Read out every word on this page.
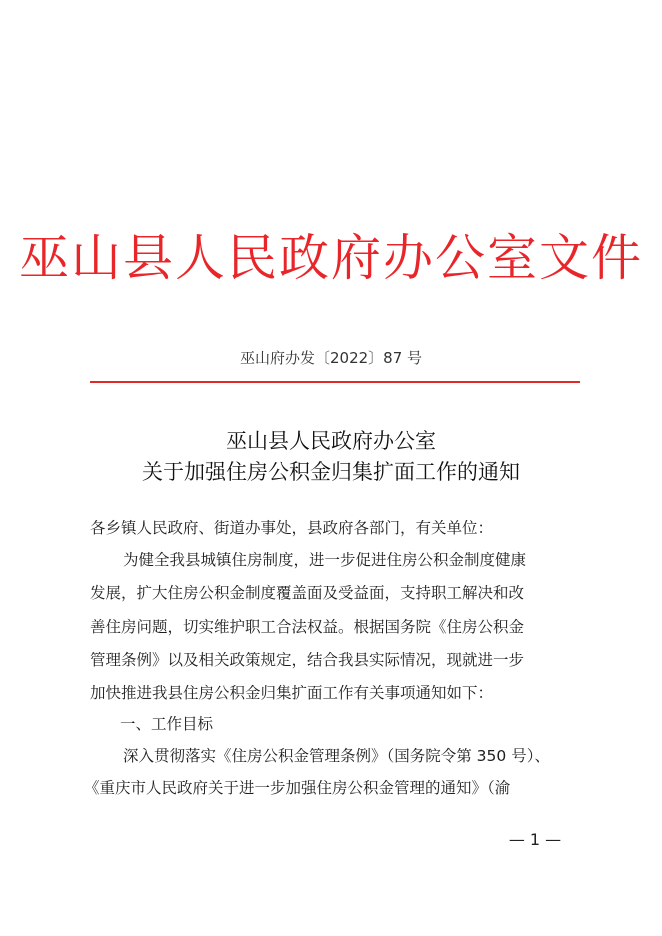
巫山县人民政府办公室文件
巫山府办发〔2022〕87 号
巫山县人民政府办公室
关于加强住房公积金归集扩面工作的通知
各乡镇人民政府、街道办事处，县政府各部门，有关单位：
为健全我县城镇住房制度，进一步促进住房公积金制度健康
发展，扩大住房公积金制度覆盖面及受益面，支持职工解决和改
善住房问题，切实维护职工合法权益。根据国务院《住房公积金
管理条例》以及相关政策规定，结合我县实际情况，现就进一步
加快推进我县住房公积金归集扩面工作有关事项通知如下：
一、工作目标
深入贯彻落实《住房公积金管理条例》（国务院令第 350 号）、
《重庆市人民政府关于进一步加强住房公积金管理的通知》（渝
— 1 —
